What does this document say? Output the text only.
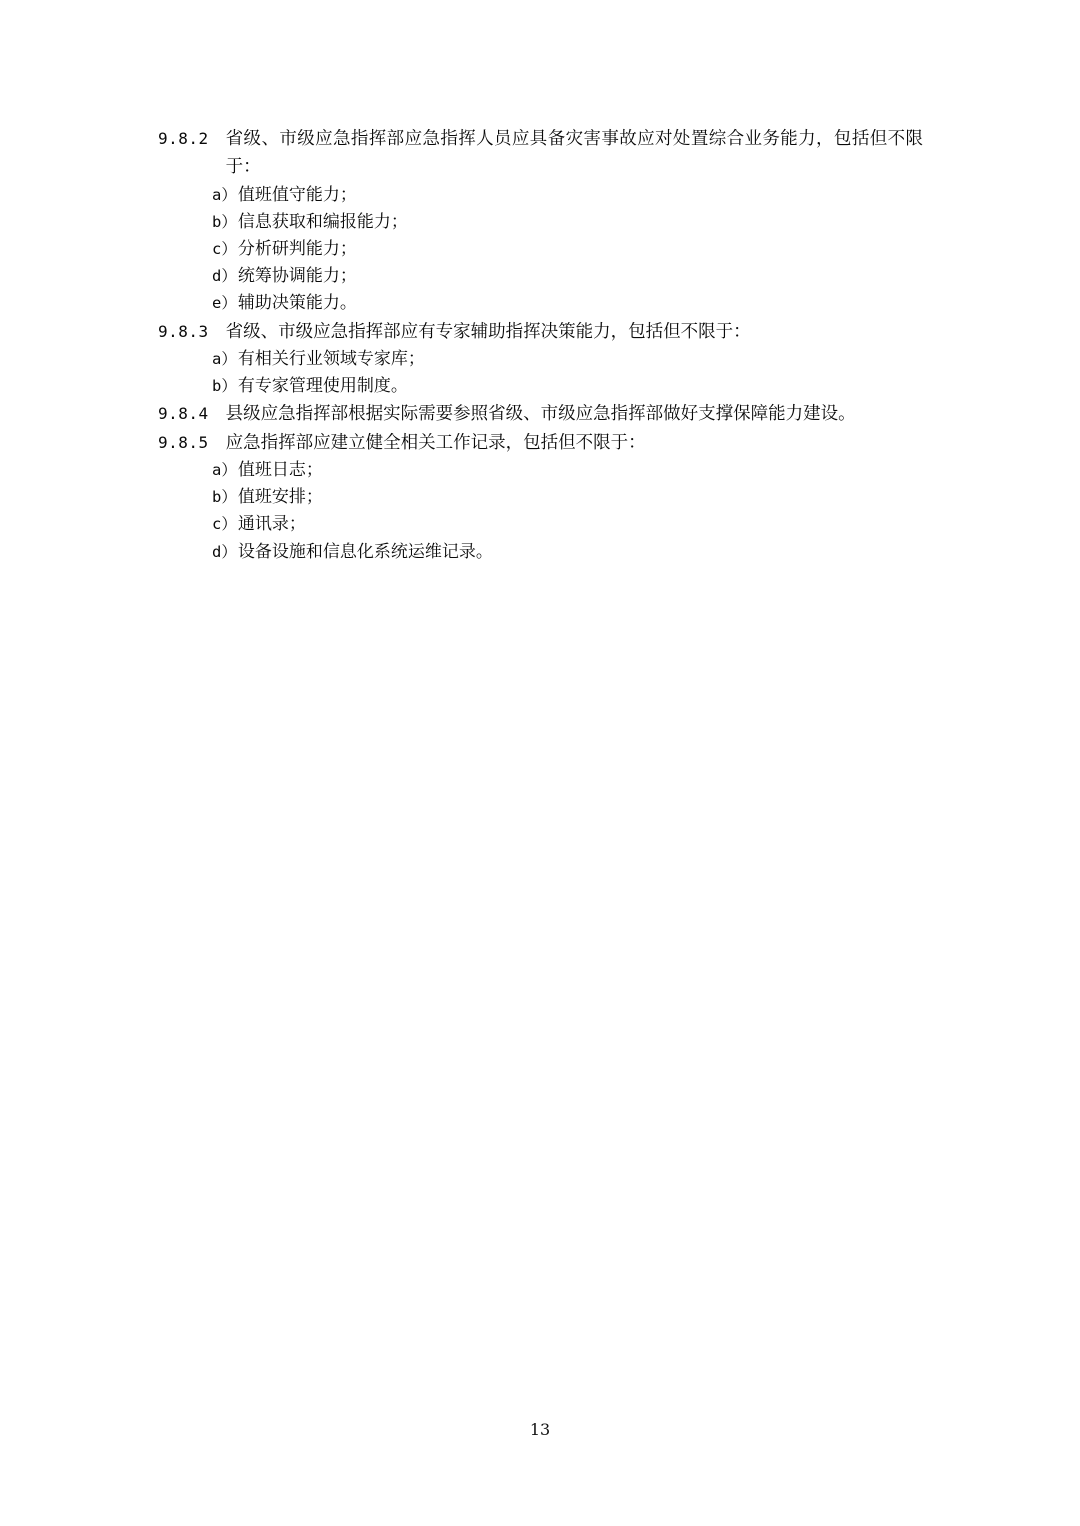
9.8.2 省级、市级应急指挥部应急指挥人员应具备灾害事故应对处置综合业务能力，包括但不限于：
a） 值班值守能力；
b） 信息获取和编报能力；
c） 分析研判能力；
d） 统筹协调能力；
e） 辅助决策能力。
9.8.3 省级、市级应急指挥部应有专家辅助指挥决策能力，包括但不限于：
a） 有相关行业领域专家库；
b） 有专家管理使用制度。
9.8.4 县级应急指挥部根据实际需要参照省级、市级应急指挥部做好支撑保障能力建设。
9.8.5 应急指挥部应建立健全相关工作记录，包括但不限于：
a） 值班日志；
b） 值班安排；
c） 通讯录；
d） 设备设施和信息化系统运维记录。
13
